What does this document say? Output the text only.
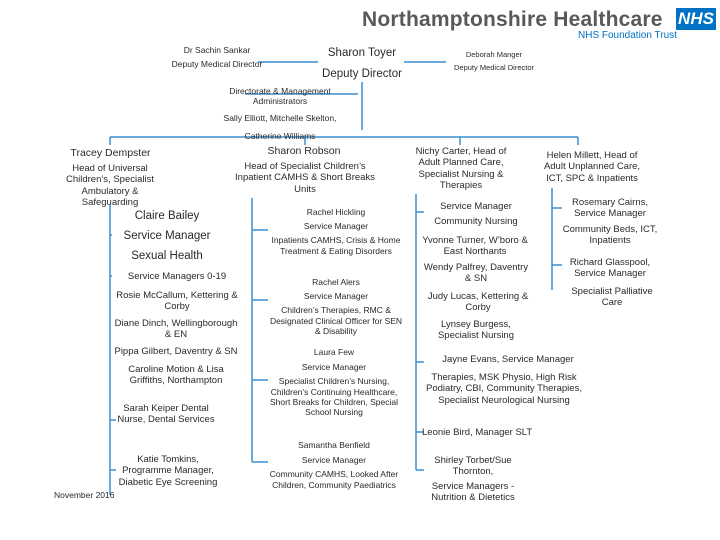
Northamptonshire Healthcare NHS
NHS Foundation Trust
Dr Sachin Sankar
Deputy Medical Director
Sharon Toyer
Deputy Director
Deborah Manger
Deputy Medical Director
Directorate & Management Administrators
Sally Elliott, Mitchelle Skelton,
Catherine Williams
Tracey Dempster
Head of Universal Children’s, Specialist Ambulatory & Safeguarding
Claire Bailey
Service Manager
Sexual Health
Service Managers 0-19
Rosie McCallum, Kettering & Corby
Diane Dinch, Wellingborough & EN
Pippa Gilbert, Daventry & SN
Caroline Motion & Lisa Griffiths, Northampton
Sarah Keiper Dental Nurse, Dental Services
Katie Tomkins, Programme Manager, Diabetic Eye Screening
November 2016
Sharon Robson
Head of Specialist Children’s Inpatient CAMHS & Short Breaks Units
Rachel Hickling
Service Manager
Inpatients CAMHS, Crisis & Home Treatment & Eating Disorders
Rachel Alers
Service Manager
Children’s Therapies, RMC & Designated Clinical Officer for SEN & Disability
Laura Few
Service Manager
Specialist Children’s Nursing, Children’s Continuing Healthcare, Short Breaks for Children, Special School Nursing
Samantha Benfield
Service Manager
Community CAMHS, Looked After Children, Community Paediatrics
Nichy Carter, Head of Adult Planned Care, Specialist Nursing & Therapies
Service Manager
Community Nursing
Yvonne Turner, W’boro & East Northants
Wendy Palfrey, Daventry & SN
Judy Lucas, Kettering & Corby
Lynsey Burgess, Specialist Nursing
Jayne Evans, Service Manager
Therapies, MSK Physio, High Risk Podiatry, CBI, Community Therapies, Specialist Neurological Nursing
Leonie Bird, Manager SLT
Shirley Torbet/Sue Thornton,
Service Managers - Nutrition & Dietetics
Helen Millett, Head of Adult Unplanned Care, ICT, SPC & Inpatients
Rosemary Cairns, Service Manager
Community Beds, ICT, Inpatients
Richard Glasspool, Service Manager
Specialist Palliative Care
